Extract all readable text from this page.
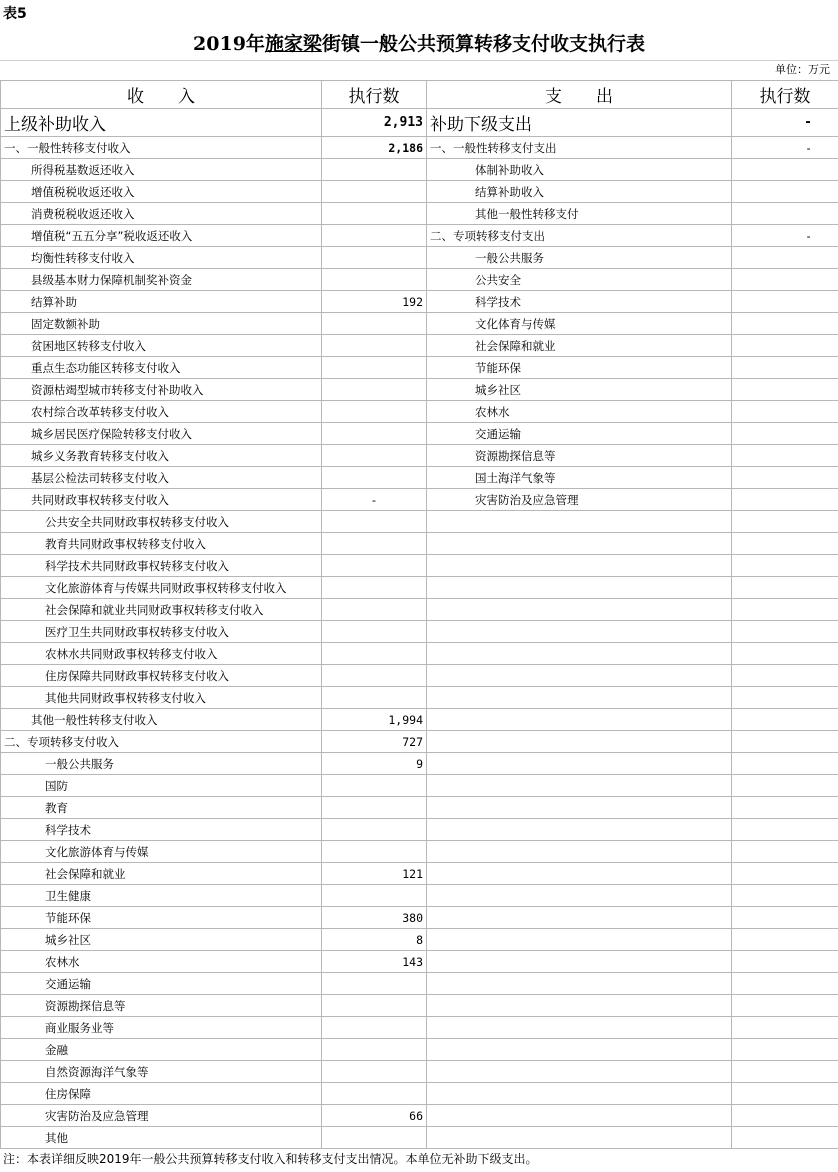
表5
2019年施家梁街镇一般公共预算转移支付收支执行表
单位：万元
收　　入	执行数	支　　出	执行数
上级补助收入	2,913	补助下级支出	-
一、一般性转移支付收入	2,186	一、一般性转移支付支出	-
所得税基数返还收入		体制补助收入	
增值税税收返还收入		结算补助收入	
消费税税收返还收入		其他一般性转移支付	
增值税“五五分享”税收返还收入		二、专项转移支付支出	-
均衡性转移支付收入		一般公共服务	
县级基本财力保障机制奖补资金		公共安全	
结算补助	192	科学技术	
固定数额补助		文化体育与传媒	
贫困地区转移支付收入		社会保障和就业	
重点生态功能区转移支付收入		节能环保	
资源枯竭型城市转移支付补助收入		城乡社区	
农村综合改革转移支付收入		农林水	
城乡居民医疗保险转移支付收入		交通运输	
城乡义务教育转移支付收入		资源勘探信息等	
基层公检法司转移支付收入		国土海洋气象等	
共同财政事权转移支付收入	-	灾害防治及应急管理	
公共安全共同财政事权转移支付收入			
教育共同财政事权转移支付收入			
科学技术共同财政事权转移支付收入			
文化旅游体育与传媒共同财政事权转移支付收入			
社会保障和就业共同财政事权转移支付收入			
医疗卫生共同财政事权转移支付收入			
农林水共同财政事权转移支付收入			
住房保障共同财政事权转移支付收入			
其他共同财政事权转移支付收入			
其他一般性转移支付收入	1,994		
二、专项转移支付收入	727		
一般公共服务	9		
国防			
教育			
科学技术			
文化旅游体育与传媒			
社会保障和就业	121		
卫生健康			
节能环保	380		
城乡社区	8		
农林水	143		
交通运输			
资源勘探信息等			
商业服务业等			
金融			
自然资源海洋气象等			
住房保障			
灾害防治及应急管理	66		
其他			
注：本表详细反映2019年一般公共预算转移支付收入和转移支付支出情况。本单位无补助下级支出。
